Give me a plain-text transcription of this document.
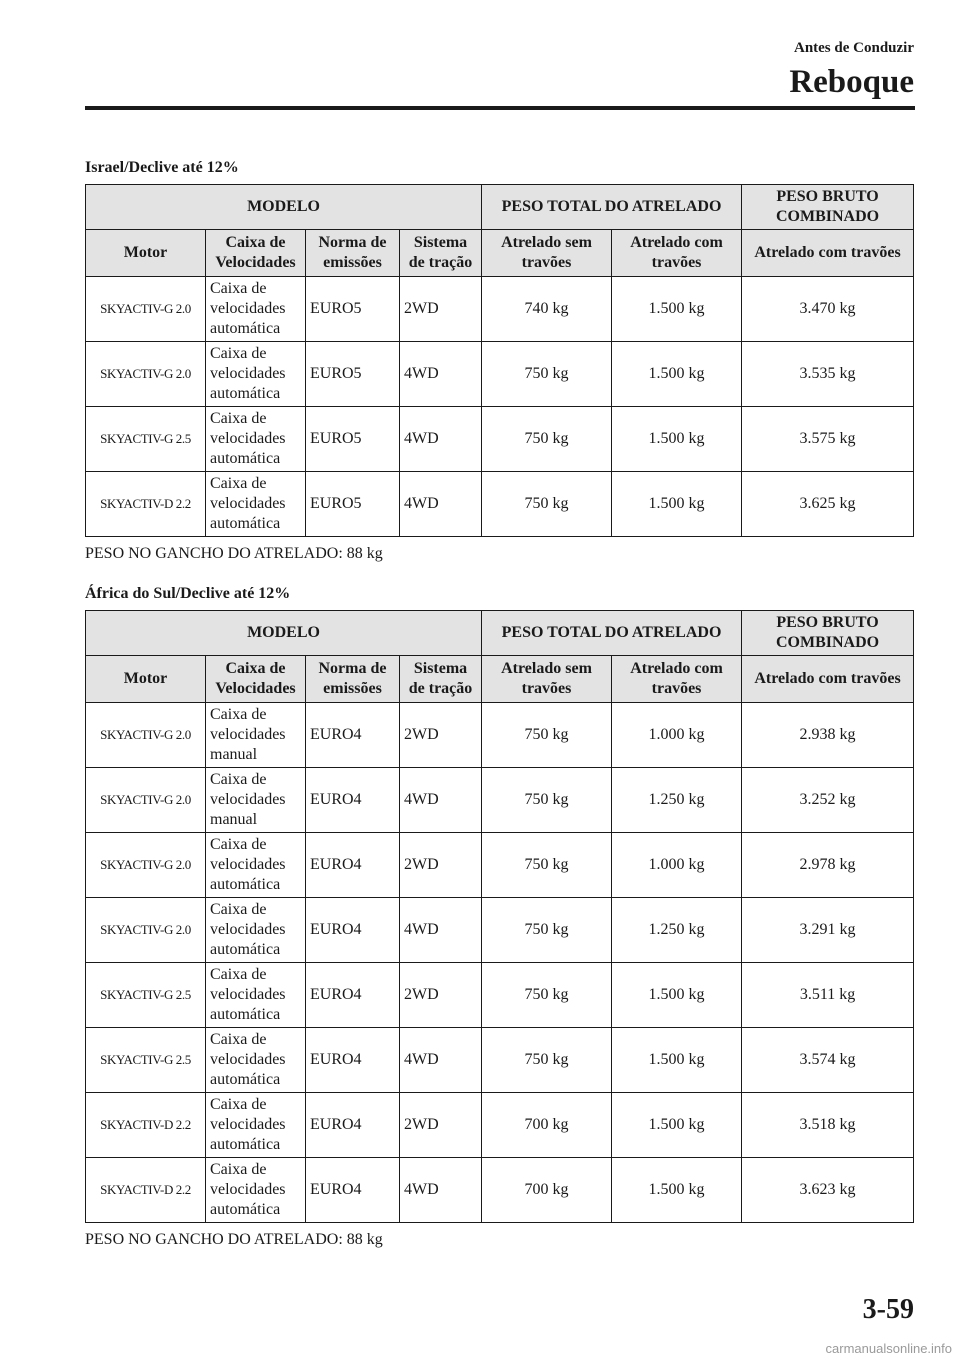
Antes de Conduzir
Reboque
Israel/Declive até 12%
MODELO				PESO TOTAL DO ATRELADO		PESO BRUTO COMBINADO
Motor	Caixa de Velocidades	Norma de emissões	Sistema de tração	Atrelado sem travões	Atrelado com travões	Atrelado com travões
SKYACTIV-G 2.0	Caixa de velocidades automática	EURO5	2WD	740 kg	1.500 kg	3.470 kg
SKYACTIV-G 2.0	Caixa de velocidades automática	EURO5	4WD	750 kg	1.500 kg	3.535 kg
SKYACTIV-G 2.5	Caixa de velocidades automática	EURO5	4WD	750 kg	1.500 kg	3.575 kg
SKYACTIV-D 2.2	Caixa de velocidades automática	EURO5	4WD	750 kg	1.500 kg	3.625 kg
PESO NO GANCHO DO ATRELADO: 88 kg
África do Sul/Declive até 12%
MODELO				PESO TOTAL DO ATRELADO		PESO BRUTO COMBINADO
Motor	Caixa de Velocidades	Norma de emissões	Sistema de tração	Atrelado sem travões	Atrelado com travões	Atrelado com travões
SKYACTIV-G 2.0	Caixa de velocidades manual	EURO4	2WD	750 kg	1.000 kg	2.938 kg
SKYACTIV-G 2.0	Caixa de velocidades manual	EURO4	4WD	750 kg	1.250 kg	3.252 kg
SKYACTIV-G 2.0	Caixa de velocidades automática	EURO4	2WD	750 kg	1.000 kg	2.978 kg
SKYACTIV-G 2.0	Caixa de velocidades automática	EURO4	4WD	750 kg	1.250 kg	3.291 kg
SKYACTIV-G 2.5	Caixa de velocidades automática	EURO4	2WD	750 kg	1.500 kg	3.511 kg
SKYACTIV-G 2.5	Caixa de velocidades automática	EURO4	4WD	750 kg	1.500 kg	3.574 kg
SKYACTIV-D 2.2	Caixa de velocidades automática	EURO4	2WD	700 kg	1.500 kg	3.518 kg
SKYACTIV-D 2.2	Caixa de velocidades automática	EURO4	4WD	700 kg	1.500 kg	3.623 kg
PESO NO GANCHO DO ATRELADO: 88 kg
3-59
carmanualsonline.info
